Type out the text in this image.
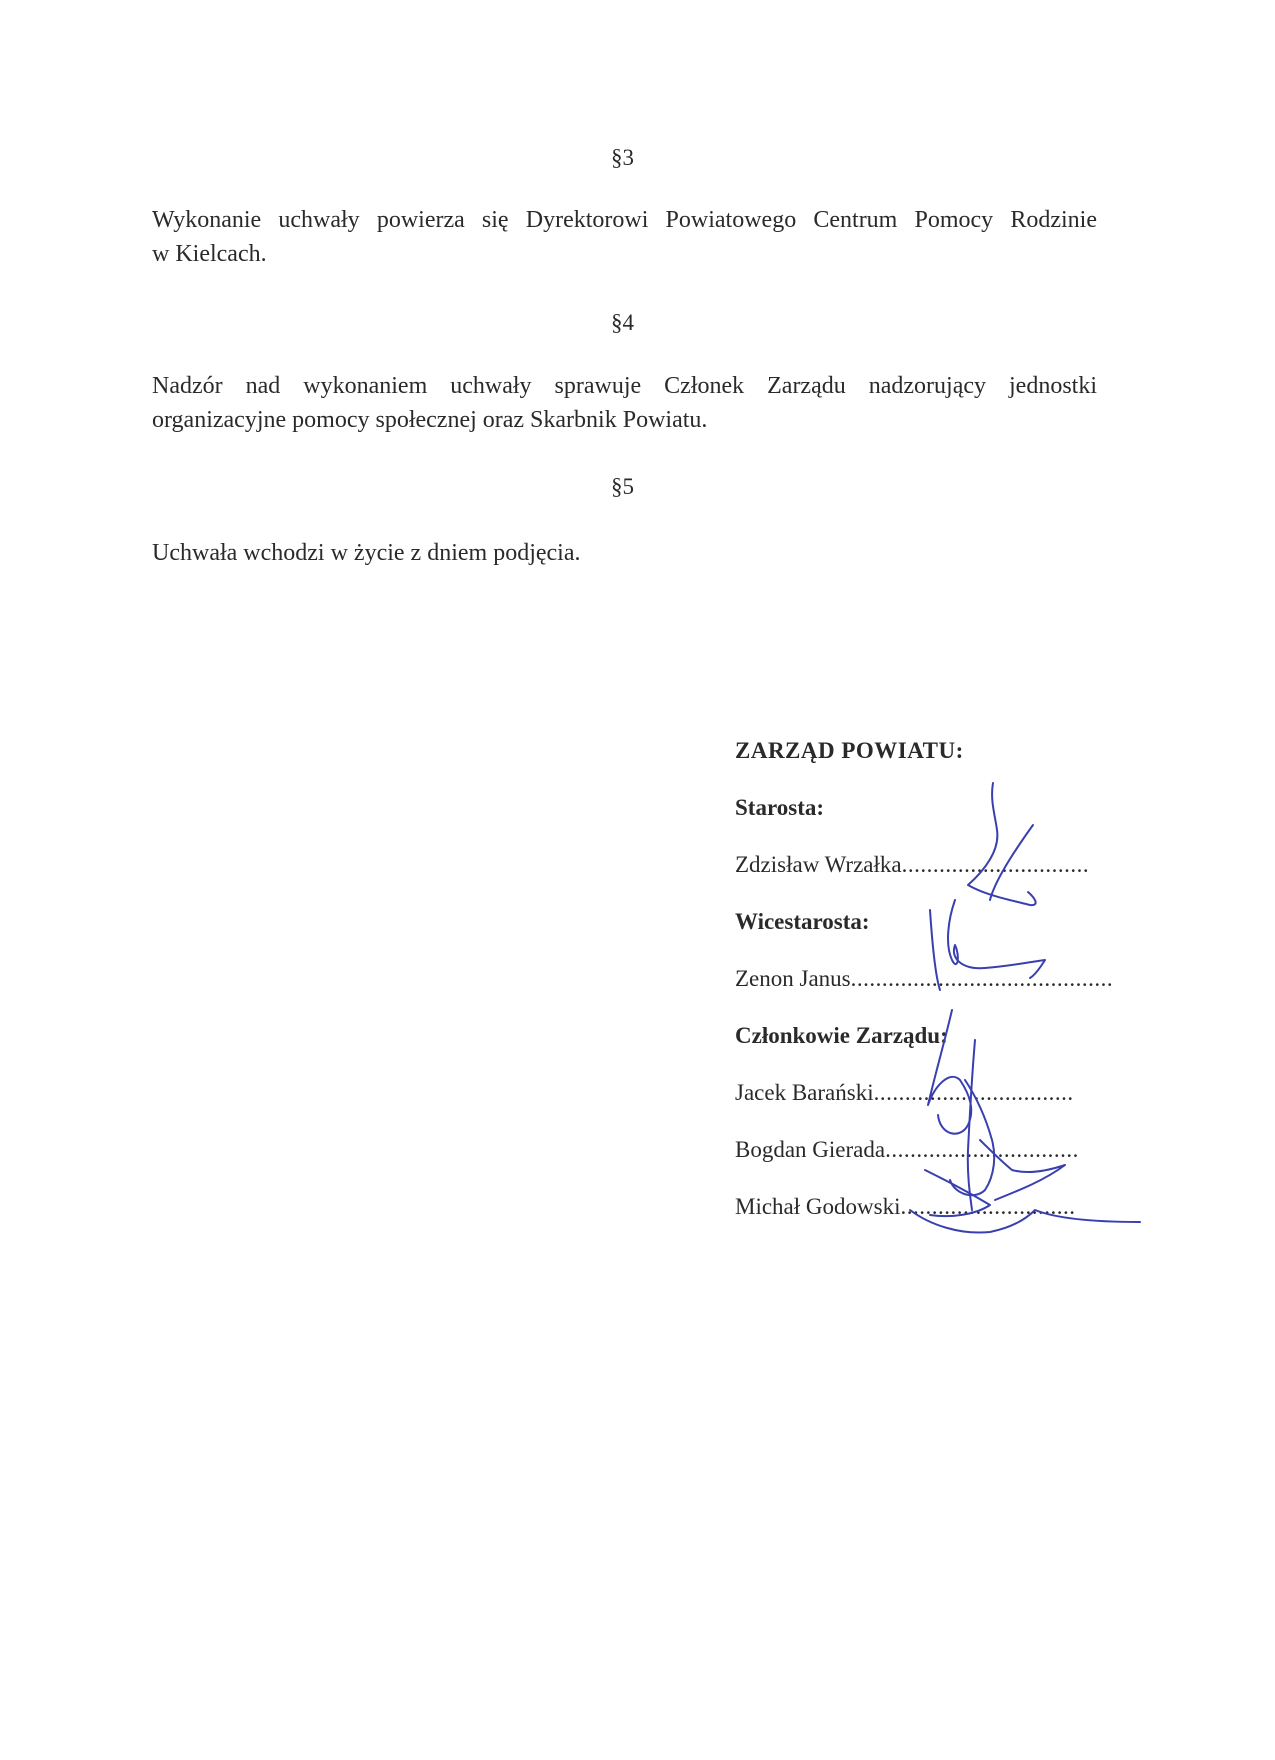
§3

Wykonanie uchwały powierza się Dyrektorowi Powiatowego Centrum Pomocy Rodzinie
w Kielcach.

§4

Nadzór nad wykonaniem uchwały sprawuje Członek Zarządu nadzorujący jednostki
organizacyjne pomocy społecznej oraz Skarbnik Powiatu.

§5

Uchwała wchodzi w życie z dniem podjęcia.

ZARZĄD POWIATU:
Starosta:
Zdzisław Wrzałka..............................
Wicestarosta:
Zenon Janus..........................................
Członkowie Zarządu:
Jacek Barański................................
Bogdan Gierada...............................
Michał Godowski............................
